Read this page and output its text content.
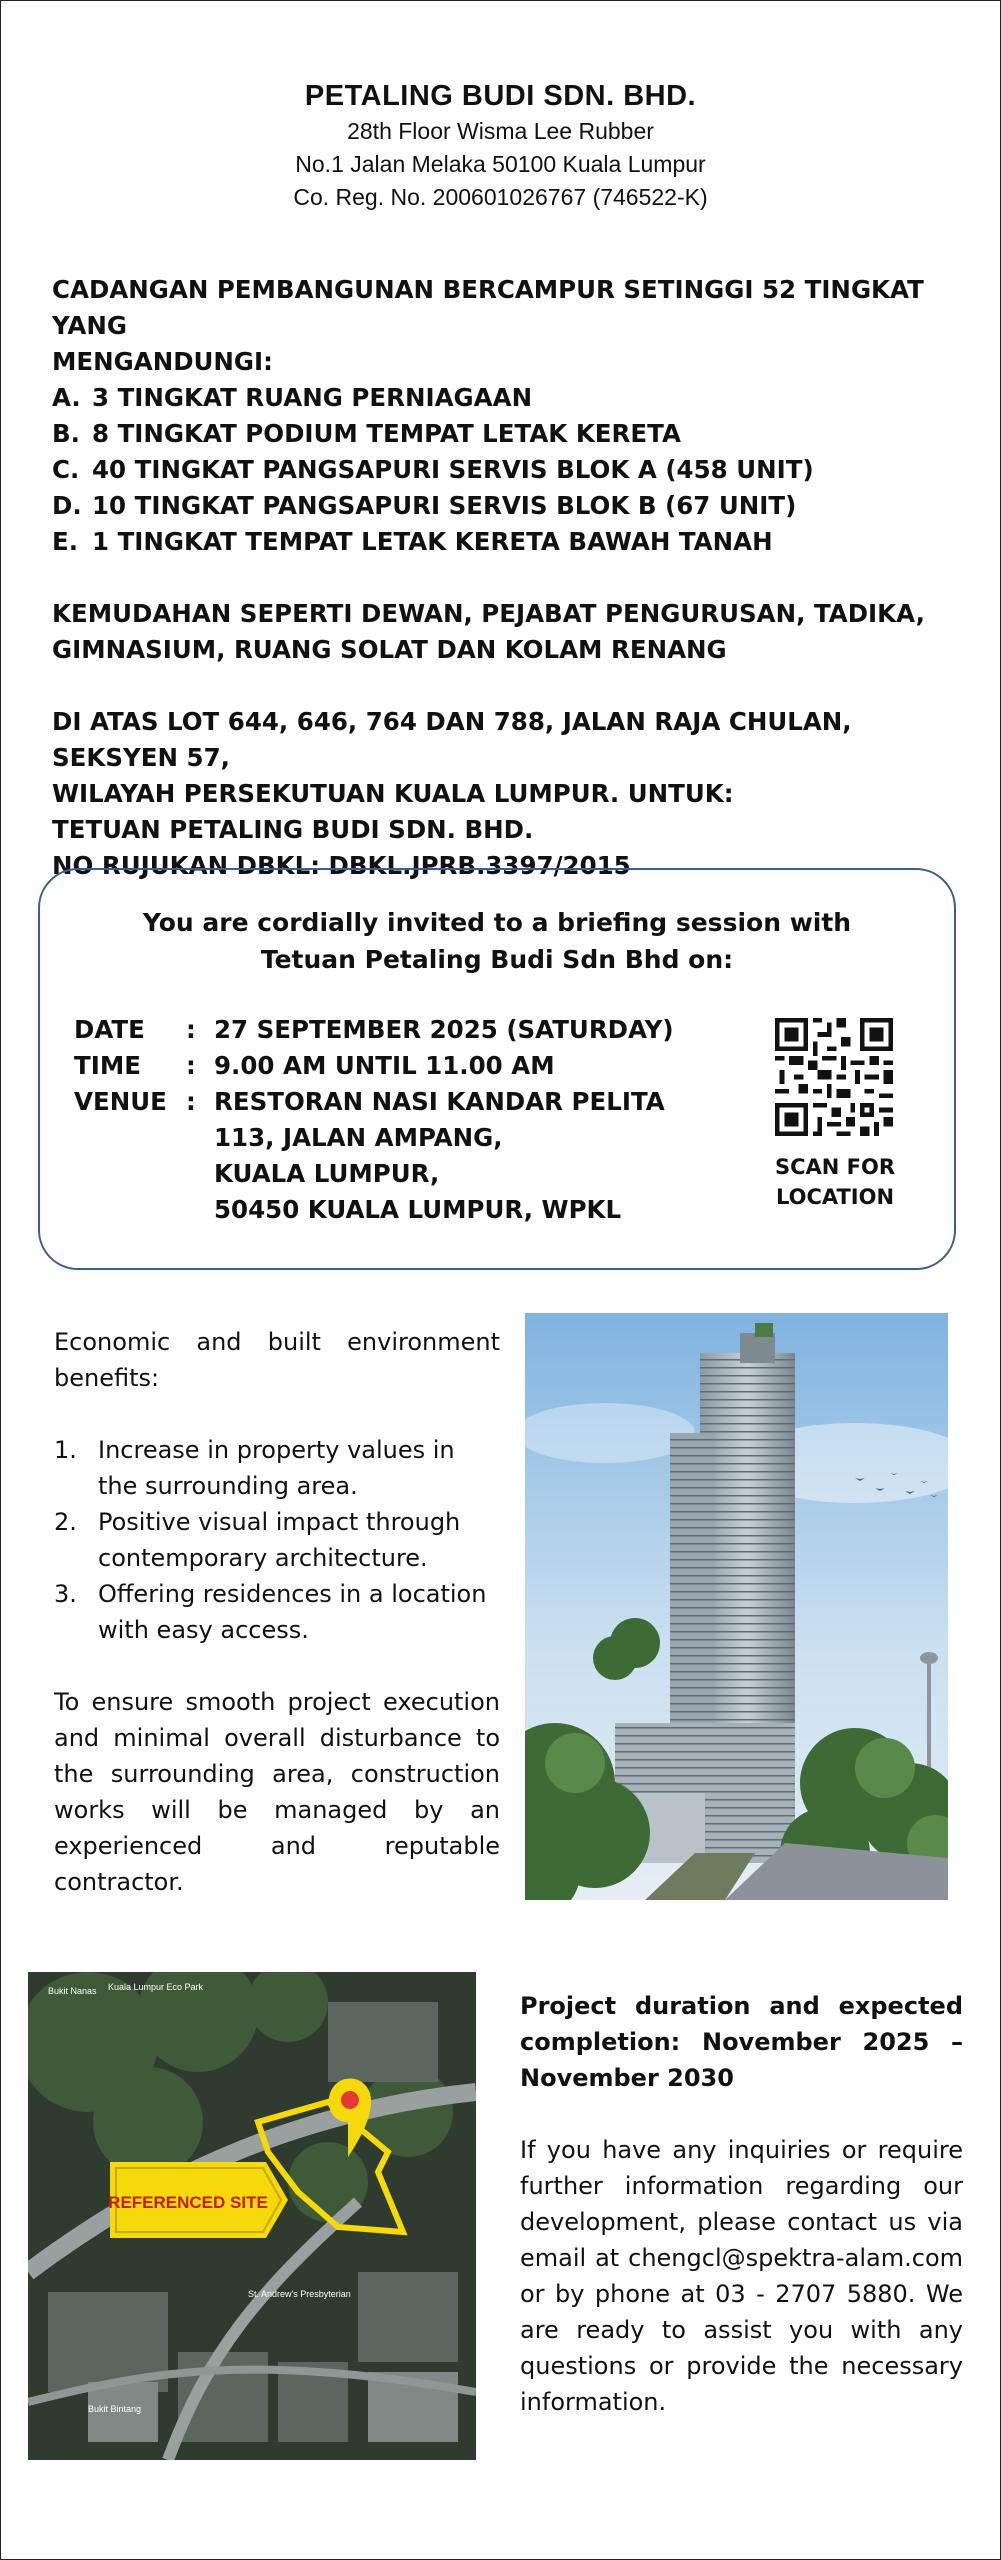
PETALING BUDI SDN. BHD.
28th Floor Wisma Lee Rubber
No.1 Jalan Melaka 50100 Kuala Lumpur
Co. Reg. No. 200601026767 (746522-K)

CADANGAN PEMBANGUNAN BERCAMPUR SETINGGI 52 TINGKAT YANG

MENGANDUNGI:

A. 3 TINGKAT RUANG PERNIAGAAN
B. 8 TINGKAT PODIUM TEMPAT LETAK KERETA
C. 40 TINGKAT PANGSAPURI SERVIS BLOK A (458 UNIT)
D. 10 TINGKAT PANGSAPURI SERVIS BLOK B (67 UNIT)
E. 1 TINGKAT TEMPAT LETAK KERETA BAWAH TANAH

KEMUDAHAN SEPERTI DEWAN, PEJABAT PENGURUSAN, TADIKA,

GIMNASIUM, RUANG SOLAT DAN KOLAM RENANG

DI ATAS LOT 644, 646, 764 DAN 788, JALAN RAJA CHULAN, SEKSYEN 57,

WILAYAH PERSEKUTUAN KUALA LUMPUR. UNTUK:

TETUAN PETALING BUDI SDN. BHD.

NO RUJUKAN DBKL: DBKL.JPRB.3397/2015

You are cordially invited to a briefing session with
Tetuan Petaling Budi Sdn Bhd on:
DATE : 27 SEPTEMBER 2025 (SATURDAY)
TIME : 9.00 AM UNTIL 11.00 AM
VENUE : RESTORAN NASI KANDAR PELITA
113, JALAN AMPANG,
KUALA LUMPUR,
50450 KUALA LUMPUR, WPKL
SCAN FOR
LOCATION

Economic and built environment benefits:

1. Increase in property values in the surrounding area.
2. Positive visual impact through contemporary architecture.
3. Offering residences in a location with easy access.

To ensure smooth project execution and minimal overall disturbance to the surrounding area, construction works will be managed by an experienced and reputable contractor.

REFERENCED SITE
Bukit Nanas Kuala Lumpur Eco Park
St. Andrew's Presbyterian
Bukit Bintang

Project duration and expected completion: November 2025 – November 2030

If you have any inquiries or require further information regarding our development, please contact us via email at chengcl@spektra-alam.com or by phone at 03 - 2707 5880. We are ready to assist you with any questions or provide the necessary information.
